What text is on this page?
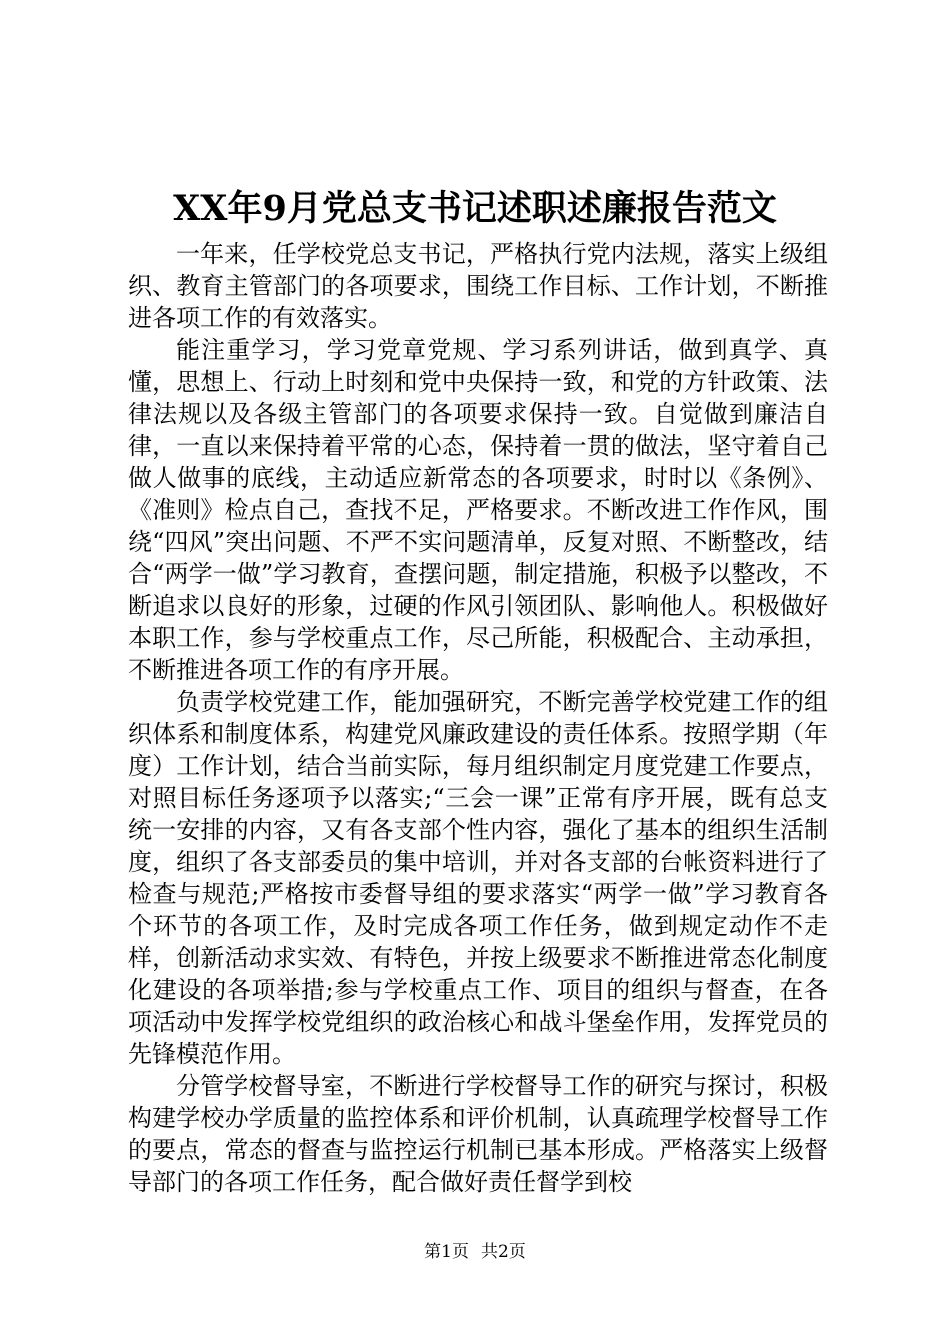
XX年9月党总支书记述职述廉报告范文

一年来，任学校党总支书记，严格执行党内法规，落实上级组织、教育主管部门的各项要求，围绕工作目标、工作计划，不断推进各项工作的有效落实。

能注重学习，学习党章党规、学习系列讲话，做到真学、真懂，思想上、行动上时刻和党中央保持一致，和党的方针政策、法律法规以及各级主管部门的各项要求保持一致。自觉做到廉洁自律，一直以来保持着平常的心态，保持着一贯的做法，坚守着自己做人做事的底线，主动适应新常态的各项要求，时时以《条例》、《准则》检点自己，查找不足，严格要求。不断改进工作作风，围绕“四风”突出问题、不严不实问题清单，反复对照、不断整改，结合“两学一做”学习教育，查摆问题，制定措施，积极予以整改，不断追求以良好的形象，过硬的作风引领团队、影响他人。积极做好本职工作，参与学校重点工作，尽己所能，积极配合、主动承担，不断推进各项工作的有序开展。

负责学校党建工作，能加强研究，不断完善学校党建工作的组织体系和制度体系，构建党风廉政建设的责任体系。按照学期（年度）工作计划，结合当前实际，每月组织制定月度党建工作要点，对照目标任务逐项予以落实;“三会一课”正常有序开展，既有总支统一安排的内容，又有各支部个性内容，强化了基本的组织生活制度，组织了各支部委员的集中培训，并对各支部的台帐资料进行了检查与规范;严格按市委督导组的要求落实“两学一做”学习教育各个环节的各项工作，及时完成各项工作任务，做到规定动作不走样，创新活动求实效、有特色，并按上级要求不断推进常态化制度化建设的各项举措;参与学校重点工作、项目的组织与督查，在各项活动中发挥学校党组织的政治核心和战斗堡垒作用，发挥党员的先锋模范作用。

分管学校督导室，不断进行学校督导工作的研究与探讨，积极构建学校办学质量的监控体系和评价机制，认真疏理学校督导工作的要点，常态的督查与监控运行机制已基本形成。严格落实上级督导部门的各项工作任务，配合做好责任督学到校

第1页 共2页
